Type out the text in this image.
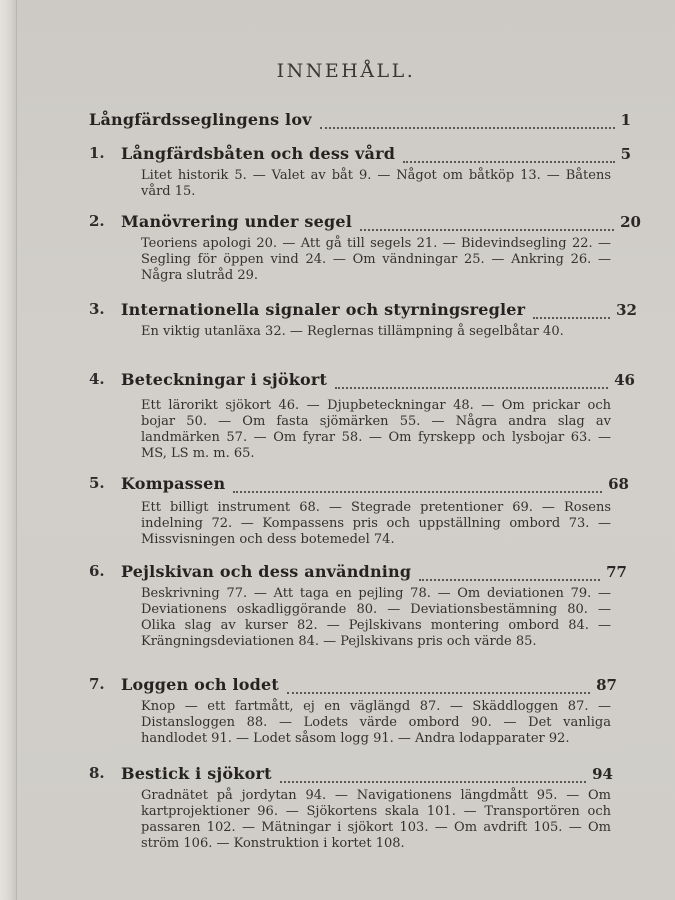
INNEHÅLL.
Långfärdsseglingens lov	1
1. Långfärdsbåten och dess vård	5
Litet historik 5. — Valet av båt 9. — Något om båtköp 13. — Båtens vård 15.
2. Manövrering under segel	20
Teoriens apologi 20. — Att gå till segels 21. — Bidevindsegling 22. — Segling för öppen vind 24. — Om vändningar 25. — Ankring 26. — Några slutråd 29.
3. Internationella signaler och styrningsregler	32
En viktig utanläxa 32. — Reglernas tillämpning å segelbåtar 40.
4. Beteckningar i sjökort	46
Ett lärorikt sjökort 46. — Djupbeteckningar 48. — Om prickar och bojar 50. — Om fasta sjömärken 55. — Några andra slag av landmärken 57. — Om fyrar 58. — Om fyrskepp och lysbojar 63. — MS, LS m. m. 65.
5. Kompassen	68
Ett billigt instrument 68. — Stegrade pretentioner 69. — Rosens indelning 72. — Kompassens pris och uppställning ombord 73. — Missvisningen och dess botemedel 74.
6. Pejlskivan och dess användning	77
Beskrivning 77. — Att taga en pejling 78. — Om deviationen 79. — Deviationens oskadliggörande 80. — Deviationsbestämning 80. — Olika slag av kurser 82. — Pejlskivans montering ombord 84. — Krängningsdeviationen 84. — Pejlskivans pris och värde 85.
7. Loggen och lodet	87
Knop — ett fartmått, ej en väglängd 87. — Skäddloggen 87. — Distansloggen 88. — Lodets värde ombord 90. — Det vanliga handlodet 91. — Lodet såsom logg 91. — Andra lodapparater 92.
8. Bestick i sjökort	94
Gradnätet på jordytan 94. — Navigationens längdmått 95. — Om kartprojektioner 96. — Sjökortens skala 101. — Transportören och passaren 102. — Mätningar i sjökort 103. — Om avdrift 105. — Om ström 106. — Konstruktion i kortet 108.
